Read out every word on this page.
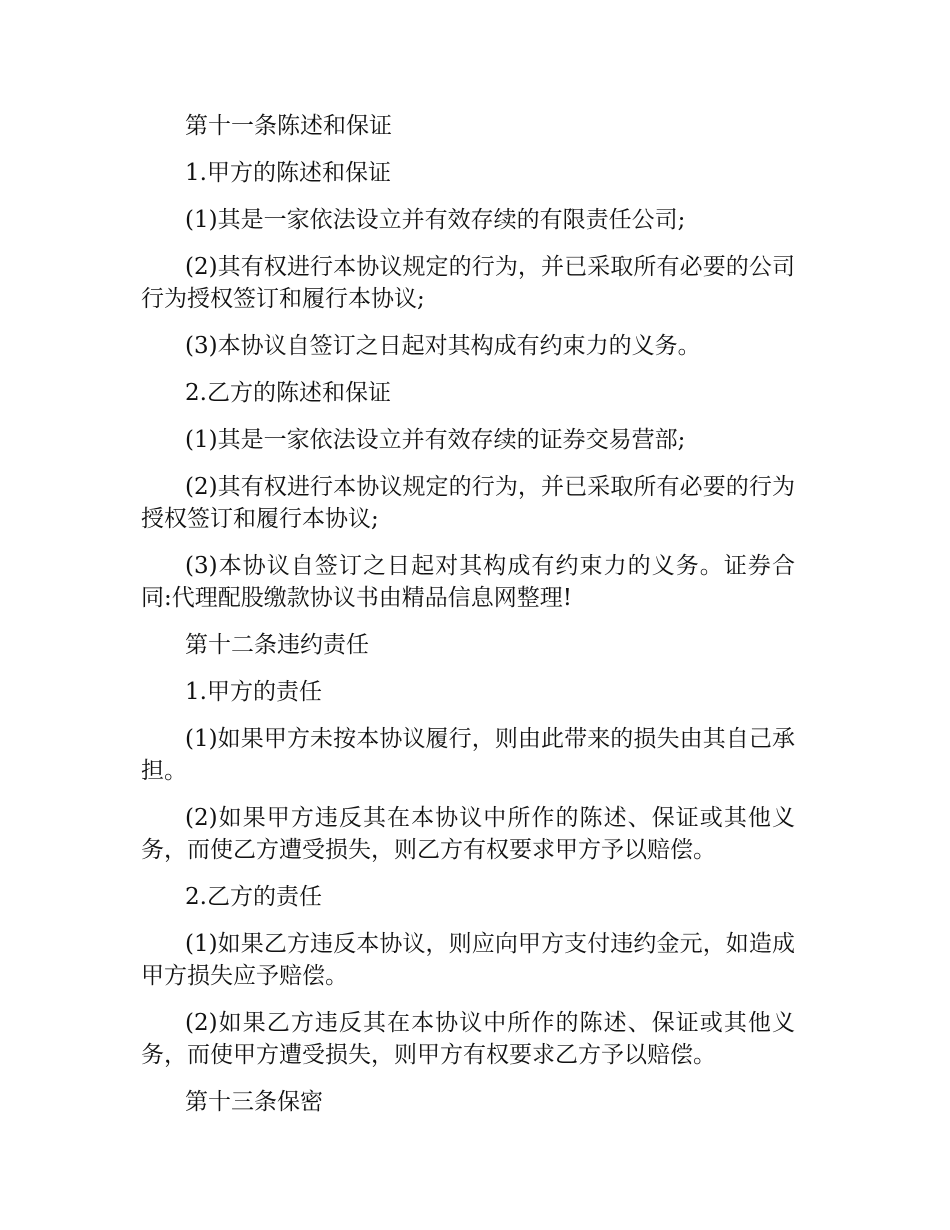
第十一条陈述和保证

1.甲方的陈述和保证

(1)其是一家依法设立并有效存续的有限责任公司;

(2)其有权进行本协议规定的行为，并已采取所有必要的公司行为授权签订和履行本协议;

(3)本协议自签订之日起对其构成有约束力的义务。

2.乙方的陈述和保证

(1)其是一家依法设立并有效存续的证券交易营部;

(2)其有权进行本协议规定的行为，并已采取所有必要的行为授权签订和履行本协议;

(3)本协议自签订之日起对其构成有约束力的义务。证券合同:代理配股缴款协议书由精品信息网整理!

第十二条违约责任

1.甲方的责任

(1)如果甲方未按本协议履行，则由此带来的损失由其自己承担。

(2)如果甲方违反其在本协议中所作的陈述、保证或其他义务，而使乙方遭受损失，则乙方有权要求甲方予以赔偿。

2.乙方的责任

(1)如果乙方违反本协议，则应向甲方支付违约金元，如造成甲方损失应予赔偿。

(2)如果乙方违反其在本协议中所作的陈述、保证或其他义务，而使甲方遭受损失，则甲方有权要求乙方予以赔偿。

第十三条保密
